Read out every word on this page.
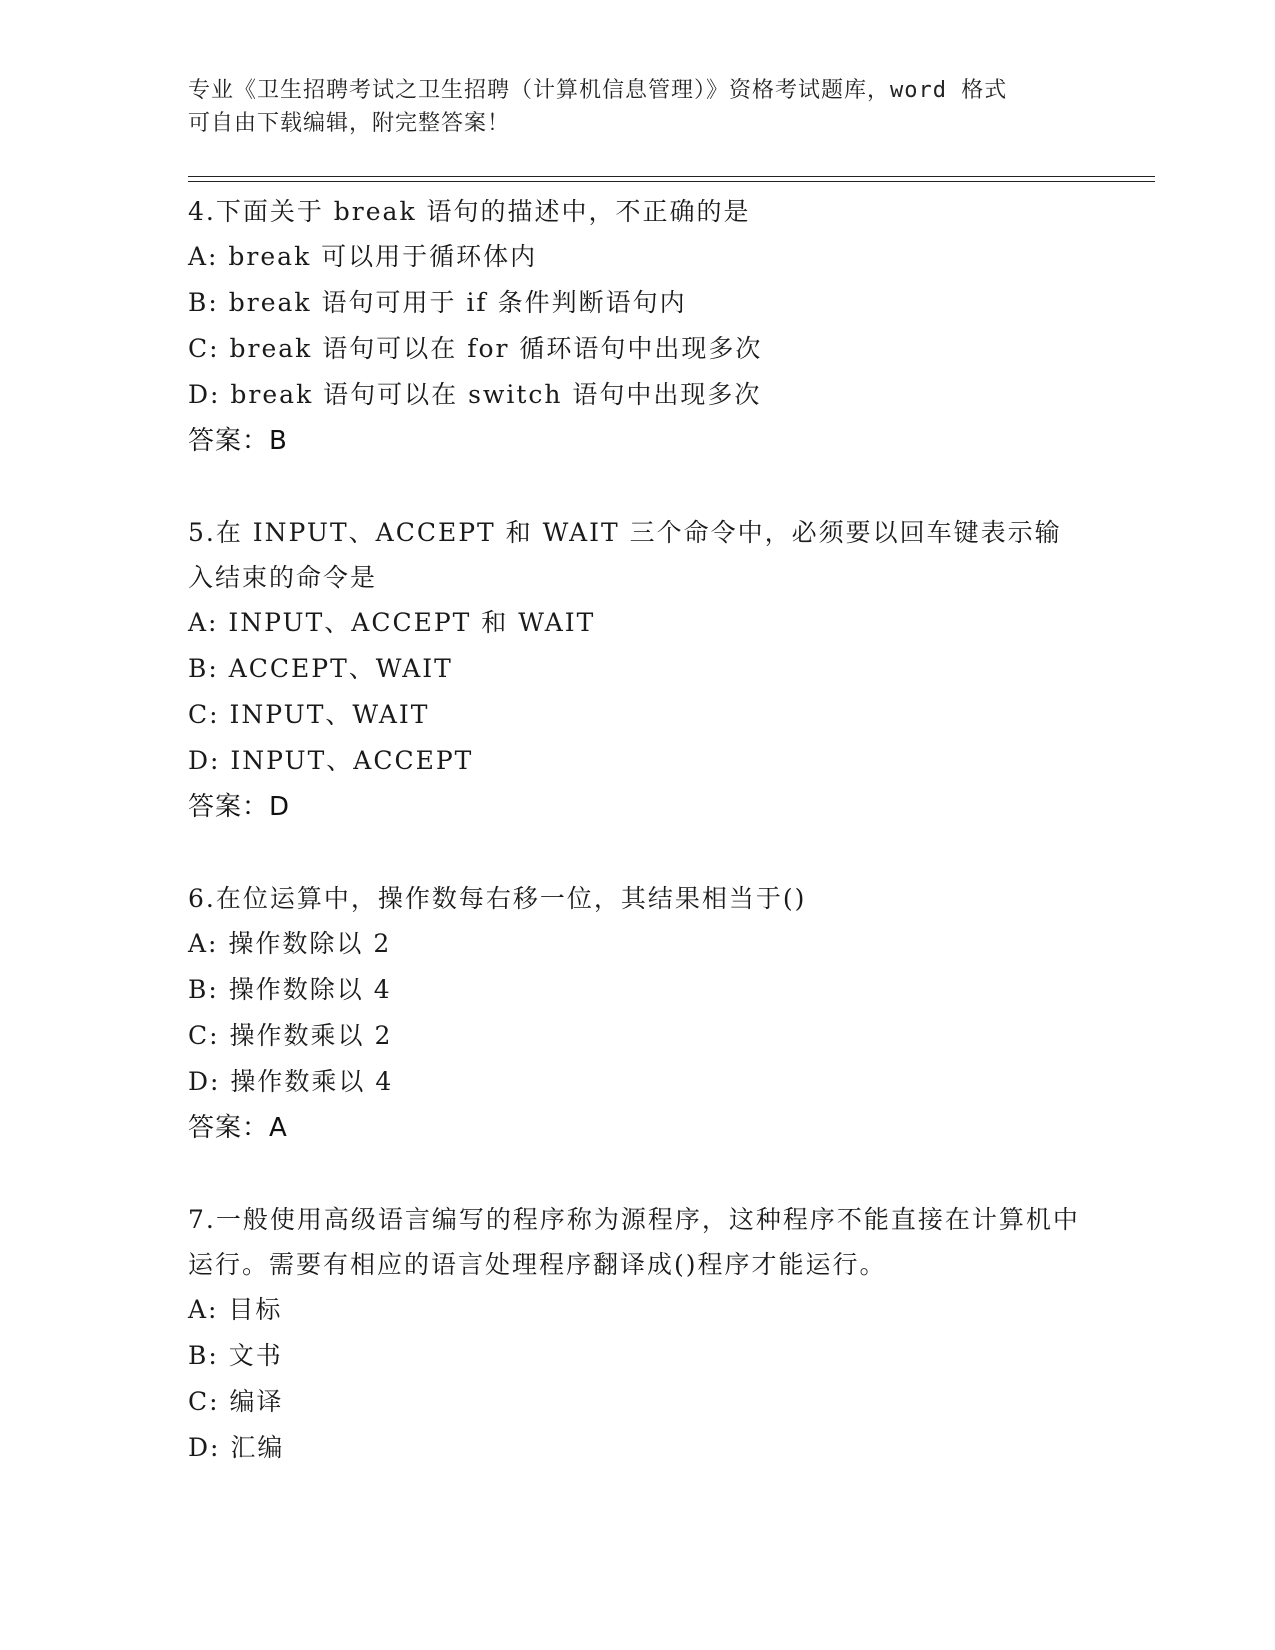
专业《卫生招聘考试之卫生招聘（计算机信息管理）》资格考试题库，word 格式
可自由下载编辑，附完整答案！
4.下面关于 break 语句的描述中，不正确的是
A: break 可以用于循环体内
B: break 语句可用于 if 条件判断语句内
C: break 语句可以在 for 循环语句中出现多次
D: break 语句可以在 switch 语句中出现多次
答案：B
5.在 INPUT、ACCEPT 和 WAIT 三个命令中，必须要以回车键表示输入结束的命令是
A: INPUT、ACCEPT 和 WAIT
B: ACCEPT、WAIT
C: INPUT、WAIT
D: INPUT、ACCEPT
答案：D
6.在位运算中，操作数每右移一位，其结果相当于()
A: 操作数除以 2
B: 操作数除以 4
C: 操作数乘以 2
D: 操作数乘以 4
答案：A
7.一般使用高级语言编写的程序称为源程序，这种程序不能直接在计算机中运行。需要有相应的语言处理程序翻译成()程序才能运行。
A: 目标
B: 文书
C: 编译
D: 汇编
